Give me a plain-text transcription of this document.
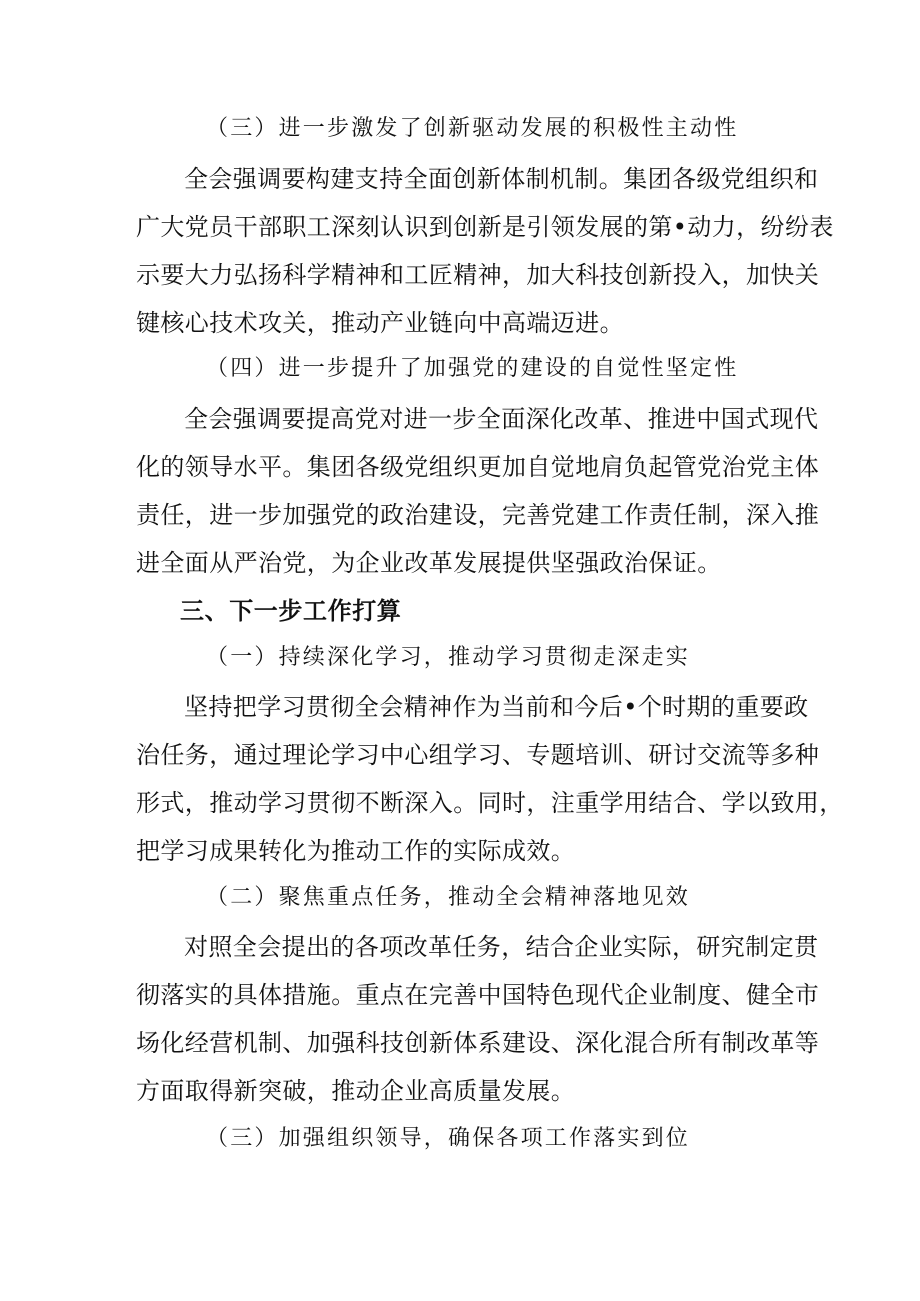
（三）进一步激发了创新驱动发展的积极性主动性
全会强调要构建支持全面创新体制机制。集团各级党组织和
广大党员干部职工深刻认识到创新是引领发展的第•动力，纷纷表
示要大力弘扬科学精神和工匠精神，加大科技创新投入，加快关
键核心技术攻关，推动产业链向中高端迈进。
（四）进一步提升了加强党的建设的自觉性坚定性
全会强调要提高党对进一步全面深化改革、推进中国式现代
化的领导水平。集团各级党组织更加自觉地肩负起管党治党主体
责任，进一步加强党的政治建设，完善党建工作责任制，深入推
进全面从严治党，为企业改革发展提供坚强政治保证。
三、下一步工作打算
（一）持续深化学习，推动学习贯彻走深走实
坚持把学习贯彻全会精神作为当前和今后•个时期的重要政
治任务，通过理论学习中心组学习、专题培训、研讨交流等多种
形式，推动学习贯彻不断深入。同时，注重学用结合、学以致用，
把学习成果转化为推动工作的实际成效。
（二）聚焦重点任务，推动全会精神落地见效
对照全会提出的各项改革任务，结合企业实际，研究制定贯
彻落实的具体措施。重点在完善中国特色现代企业制度、健全市
场化经营机制、加强科技创新体系建设、深化混合所有制改革等
方面取得新突破，推动企业高质量发展。
（三）加强组织领导，确保各项工作落实到位
